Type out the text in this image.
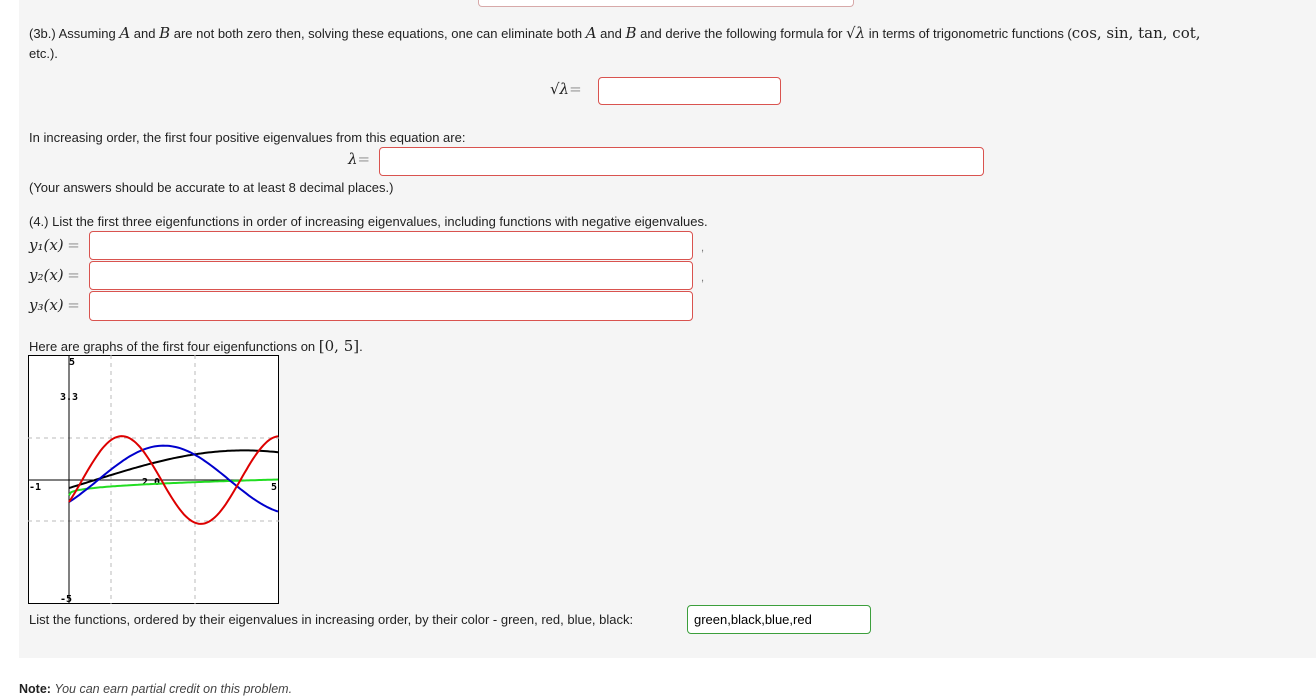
(3b.) Assuming A and B are not both zero then, solving these equations, one can eliminate both A and B and derive the following formula for √λ in terms of trigonometric functions (cos, sin, tan, cot,
etc.).
√λ=
In increasing order, the first four positive eigenvalues from this equation are:
λ=
(Your answers should be accurate to at least 8 decimal places.)
(4.) List the first three eigenfunctions in order of increasing eigenvalues, including functions with negative eigenvalues.
y₁(x) =	,
y₂(x) =	,
y₃(x) =
Here are graphs of the first four eigenfunctions on [0, 5].
5
3.3
-1	2.0	5
-5
List the functions, ordered by their eigenvalues in increasing order, by their color - green, red, blue, black:
green,black,blue,red
Note: You can earn partial credit on this problem.
